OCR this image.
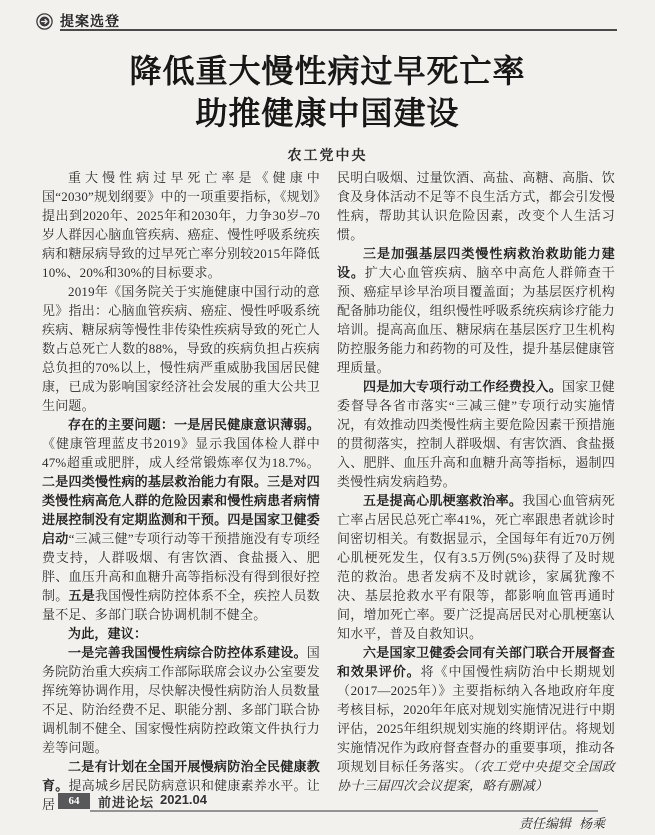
提案选登
降低重大慢性病过早死亡率
助推健康中国建设
农工党中央

重大慢性病过早死亡率是《健康中国“2030”规划纲要》中的一项重要指标，《规划》提出到2020年、2025年和2030年，力争30岁–70岁人群因心脑血管疾病、癌症、慢性呼吸系统疾病和糖尿病导致的过早死亡率分别较2015年降低10%、20%和30%的目标要求。

2019年《国务院关于实施健康中国行动的意见》指出：心脑血管疾病、癌症、慢性呼吸系统疾病、糖尿病等慢性非传染性疾病导致的死亡人数占总死亡人数的88%，导致的疾病负担占疾病总负担的70%以上，慢性病严重威胁我国居民健康，已成为影响国家经济社会发展的重大公共卫生问题。

存在的主要问题：一是居民健康意识薄弱。《健康管理蓝皮书2019》显示我国体检人群中47%超重或肥胖，成人经常锻炼率仅为18.7%。二是四类慢性病的基层救治能力有限。三是对四类慢性病高危人群的危险因素和慢性病患者病情进展控制没有定期监测和干预。四是国家卫健委启动“三减三健”专项行动等干预措施没有专项经费支持，人群吸烟、有害饮酒、食盐摄入、肥胖、血压升高和血糖升高等指标没有得到很好控制。五是我国慢性病防控体系不全，疾控人员数量不足、多部门联合协调机制不健全。

为此，建议：

一是完善我国慢性病综合防控体系建设。国务院防治重大疾病工作部际联席会议办公室要发挥统筹协调作用，尽快解决慢性病防治人员数量不足、防治经费不足、职能分割、多部门联合协调机制不健全、国家慢性病防控政策文件执行力差等问题。

二是有计划在全国开展慢病防治全民健康教育。提高城乡居民防病意识和健康素养水平。让居

民明白吸烟、过量饮酒、高盐、高糖、高脂、饮食及身体活动不足等不良生活方式，都会引发慢性病，帮助其认识危险因素，改变个人生活习惯。

三是加强基层四类慢性病救治救助能力建设。扩大心血管疾病、脑卒中高危人群筛查干预、癌症早诊早治项目覆盖面；为基层医疗机构配备肺功能仪，组织慢性呼吸系统疾病诊疗能力培训。提高高血压、糖尿病在基层医疗卫生机构防控服务能力和药物的可及性，提升基层健康管理质量。

四是加大专项行动工作经费投入。国家卫健委督导各省市落实“三减三健”专项行动实施情况，有效推动四类慢性病主要危险因素干预措施的贯彻落实，控制人群吸烟、有害饮酒、食盐摄入、肥胖、血压升高和血糖升高等指标，遏制四类慢性病发病趋势。

五是提高心肌梗塞救治率。我国心血管病死亡率占居民总死亡率41%，死亡率跟患者就诊时间密切相关。有数据显示，全国每年有近70万例心肌梗死发生，仅有3.5万例(5%)获得了及时规范的救治。患者发病不及时就诊，家属犹豫不决、基层抢救水平有限等，都影响血管再通时间，增加死亡率。要广泛提高居民对心肌梗塞认知水平，普及自救知识。

六是国家卫健委会同有关部门联合开展督查和效果评价。将《中国慢性病防治中长期规划（2017—2025年）》主要指标纳入各地政府年度考核目标，2020年年底对规划实施情况进行中期评估，2025年组织规划实施的终期评估。将规划实施情况作为政府督查督办的重要事项，推动各项规划目标任务落实。（农工党中央提交全国政协十三届四次会议提案，略有删减）

责任编辑 杨乘
64	前进论坛 2021.04
